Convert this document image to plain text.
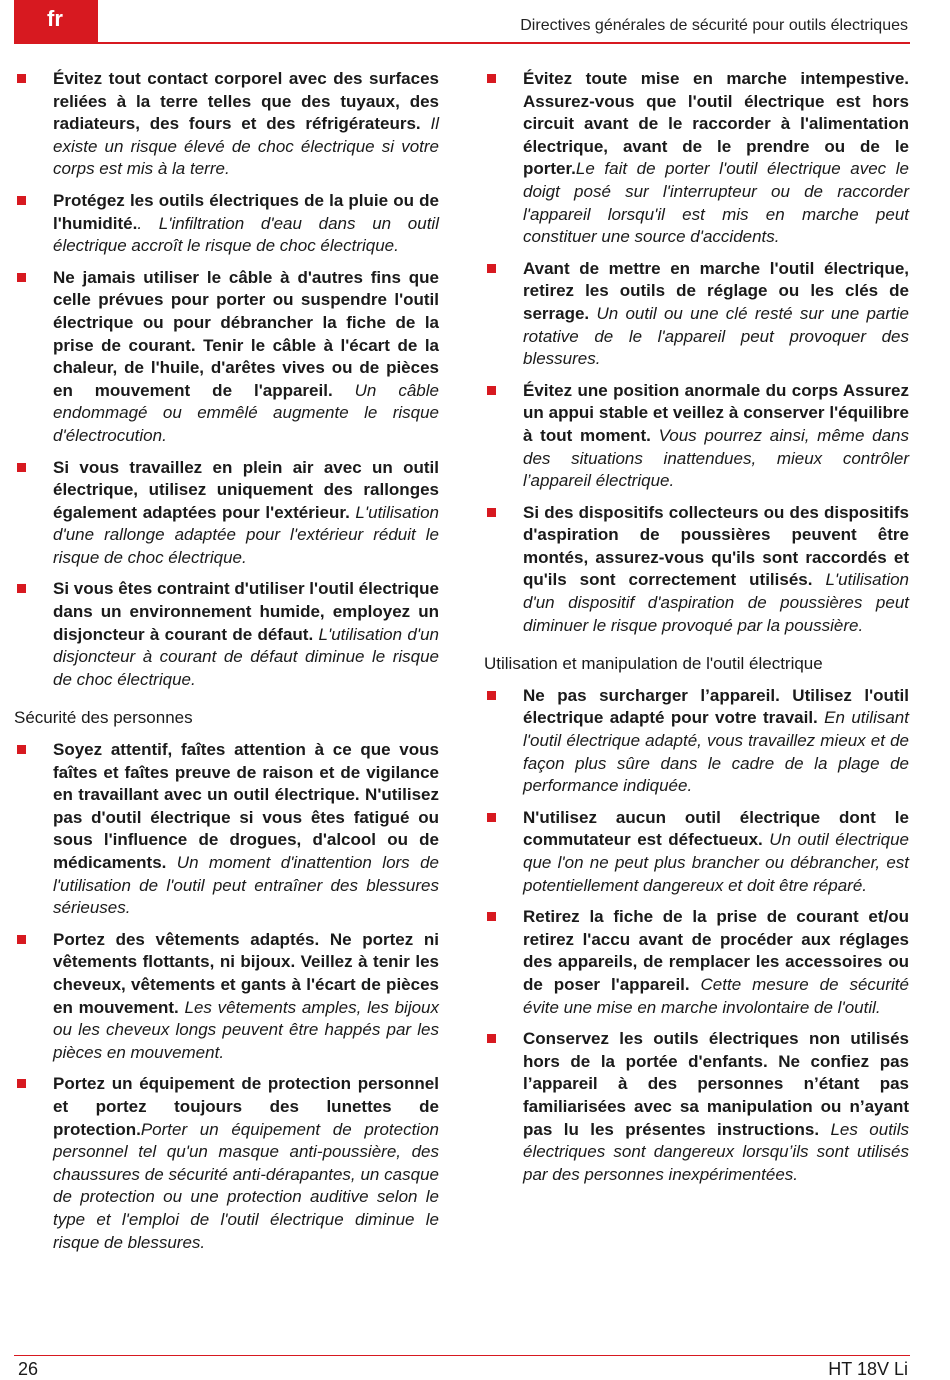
fr	Directives générales de sécurité pour outils électriques
Évitez tout contact corporel avec des surfaces reliées à la terre telles que des tuyaux, des radiateurs, des fours et des réfrigérateurs. Il existe un risque élevé de choc électrique si votre corps est mis à la terre.
Protégez les outils électriques de la pluie ou de l'humidité.. L'infiltration d'eau dans un outil électrique accroît le risque de choc électrique.
Ne jamais utiliser le câble à d'autres fins que celle prévues pour porter ou suspendre l'outil électrique ou pour débrancher la fiche de la prise de courant. Tenir le câble à l'écart de la chaleur, de l'huile, d'arêtes vives ou de pièces en mouvement de l'appareil. Un câble endommagé ou emmêlé augmente le risque d'électrocution.
Si vous travaillez en plein air avec un outil électrique, utilisez uniquement des rallonges également adaptées pour l'extérieur. L'utilisation d'une rallonge adaptée pour l'extérieur réduit le risque de choc électrique.
Si vous êtes contraint d'utiliser l'outil électrique dans un environnement humide, employez un disjoncteur à courant de défaut. L'utilisation d'un disjoncteur à courant de défaut diminue le risque de choc électrique.
Sécurité des personnes
Soyez attentif, faîtes attention à ce que vous faîtes et faîtes preuve de raison et de vigilance en travaillant avec un outil électrique. N'utilisez pas d'outil électrique si vous êtes fatigué ou sous l'influence de drogues, d'alcool ou de médicaments. Un moment d'inattention lors de l'utilisation de l'outil peut entraîner des blessures sérieuses.
Portez des vêtements adaptés. Ne portez ni vêtements flottants, ni bijoux. Veillez à tenir les cheveux, vêtements et gants à l'écart de pièces en mouvement. Les vêtements amples, les bijoux ou les cheveux longs peuvent être happés par les pièces en mouvement.
Portez un équipement de protection personnel et portez toujours des lunettes de protection.Porter un équipement de protection personnel tel qu'un masque anti-poussière, des chaussures de sécurité anti-dérapantes, un casque de protection ou une protection auditive selon le type et l'emploi de l'outil électrique diminue le risque de blessures.
Évitez toute mise en marche intempestive. Assurez-vous que l'outil électrique est hors circuit avant de le raccorder à l'alimentation électrique, avant de le prendre ou de le porter.Le fait de porter l'outil électrique avec le doigt posé sur l'interrupteur ou de raccorder l'appareil lorsqu'il est mis en marche peut constituer une source d'accidents.
Avant de mettre en marche l'outil électrique, retirez les outils de réglage ou les clés de serrage. Un outil ou une clé resté sur une partie rotative de le l'appareil peut provoquer des blessures.
Évitez une position anormale du corps Assurez un appui stable et veillez à conserver l'équilibre à tout moment. Vous pourrez ainsi, même dans des situations inattendues, mieux contrôler l’appareil électrique.
Si des dispositifs collecteurs ou des dispositifs d'aspiration de poussières peuvent être montés, assurez-vous qu'ils sont raccordés et qu'ils sont correctement utilisés. L'utilisation d'un dispositif d'aspiration de poussières peut diminuer le risque provoqué par la poussière.
Utilisation et manipulation de l'outil électrique
Ne pas surcharger l’appareil. Utilisez l'outil électrique adapté pour votre travail. En utilisant l'outil électrique adapté, vous travaillez mieux et de façon plus sûre dans le cadre de la plage de performance indiquée.
N'utilisez aucun outil électrique dont le commutateur est défectueux. Un outil électrique que l'on ne peut plus brancher ou débrancher, est potentiellement dangereux et doit être réparé.
Retirez la fiche de la prise de courant et/ou retirez l'accu avant de procéder aux réglages des appareils, de remplacer les accessoires ou de poser l'appareil. Cette mesure de sécurité évite une mise en marche involontaire de l'outil.
Conservez les outils électriques non utilisés hors de la portée d'enfants. Ne confiez pas l’appareil à des personnes n’étant pas familiarisées avec sa manipulation ou n’ayant pas lu les présentes instructions. Les outils électriques sont dangereux lorsqu’ils sont utilisés par des personnes inexpérimentées.
26	HT 18V Li
